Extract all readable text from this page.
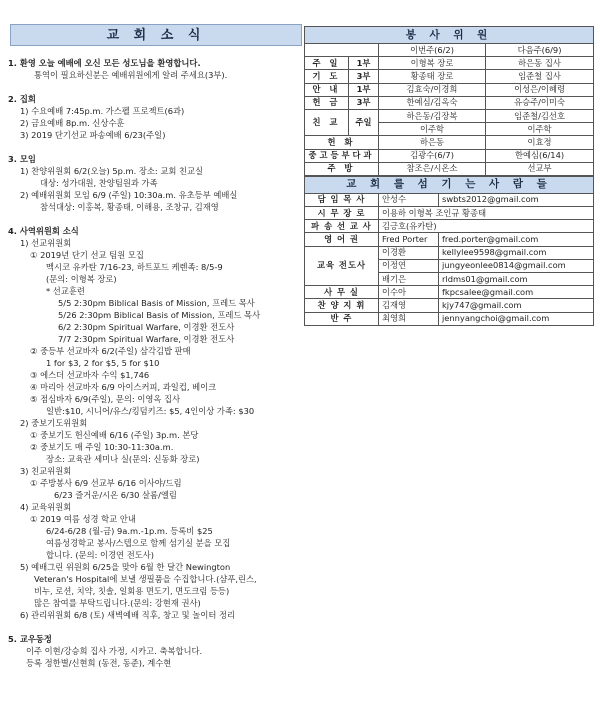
교 회 소 식
1. 환영 오늘 예배에 오신 모든 성도님을 환영합니다.
통역이 필요하신분은 예배위원에게 알려 주세요(3부).
2. 집회
1) 수요예배 7:45p.m. 가스펠 프로젝트(6과)
2) 금요예배 8p.m. 신상수훈
3) 2019 단기선교 파송예배 6/23(주일)
3. 모임
1) 찬양위원회 6/2(오늘) 5p.m. 장소: 교회 친교실
대상: 성가대원, 찬양팀원과 가족
2) 예배위원회 모임 6/9 (주일) 10:30a.m. 유초등부 예배실
참석대상: 이홍복, 황종태, 이해용, 조창규, 김재영
4. 사역위원회 소식
1) 선교위원회
① 2019년 단기 선교 팀원 모집
멕시코 유카탄 7/16-23, 하트포드 케렌족: 8/5-9
(문의: 이형복 장로)
* 선교훈련
5/5 2:30pm Biblical Basis of Mission, 프레드 목사
5/26 2:30pm Biblical Basis of Mission, 프레드 목사
6/2 2:30pm Spiritual Warfare, 이경환 전도사
7/7 2:30pm Spiritual Warfare, 이경환 전도사
② 중등부 선교바자 6/2(주일) 삼각김밥 판매
1 for $3, 2 for $5, 5 for $10
③ 에스더 선교바자 수익 $1,746
④ 마리아 선교바자 6/9 아이스커피, 과일컵, 베이크
⑤ 점심바자 6/9(주일), 문의: 이영옥 집사
일반:$10, 시니어/유스/킹덤키즈: $5, 4인이상 가족: $30
2) 중보기도위원회
① 중보기도 헌신예배 6/16 (주일) 3p.m. 본당
② 중보기도 매 주일 10:30-11:30a.m.
장소: 교육관 세미나 실(문의: 신동화 장로)
3) 친교위원회
① 주방봉사 6/9 선교부 6/16 이사야/드림
6/23 즐거운/시온 6/30 살롬/엘림
4) 교육위원회
① 2019 여름 성경 학교 안내
6/24-6/28 (월-금) 9a.m.-1p.m. 등록비 $25
여름성경학교 봉사/스텝으로 함께 섬기실 분을 모집
합니다. (문의: 이경연 전도사)
5) 예배그린 위원회 6/25을 맞아 6월 한 달간 Newington
Veteran's Hospital에 보낼 생필품을 수집합니다.(샴푸,린스,
비누, 로션, 치약, 칫솔, 일회용 면도기, 면도크림 등등)
많은 참여를 부탁드립니다.(문의: 강현재 권사)
6) 관리위원회 6/8 (토) 새벽예배 직후, 창고 및 놀이터 정리
5. 교우동정
이주 이현/강승희 집사 가정, 시카고. 축복합니다.
등록 정한별/신현희 (동전, 동준), 계수현
봉 사 위 원			
		이번주(6/2)	다음주(6/9)
주 일	1부	이형복 장로	하은동 집사
기 도	3부	황종태 장로	임준철 집사
안 내	1부	김효숙/이경희	이성은/이혜령
헌 금	3부	한예심/김옥숙	유승주/이미숙
친 교	주일	하은동/김장복	임준철/김선호
		이주학	이주학
헌 화		하은동	이효정
중고등부다과		김광수(6/7)	한예심(6/14)
주 방		참조은/시온소	선교부
교 회 를 섬 기 는 사 람 들		
담 임 목 사	안성수	swbts2012@gmail.com
시 무 장 로	이용하 이형복 조인규 황종태	
파 송 선 교 사	김긍호(유카탄)	
영 어 권	Fred Porter	fred.porter@gmail.com
교육 전도사	이경환	kellylee9598@gmail.com
	이정연	jungyeonlee0814@gmail.com
	배기은	rldms01@gmail.com
사 무 실	이수아	fkpcsalee@gmail.com
찬 양 지 휘	김재영	kjy747@gmail.com
반 주	최영희	jennyangchoi@gmail.com
